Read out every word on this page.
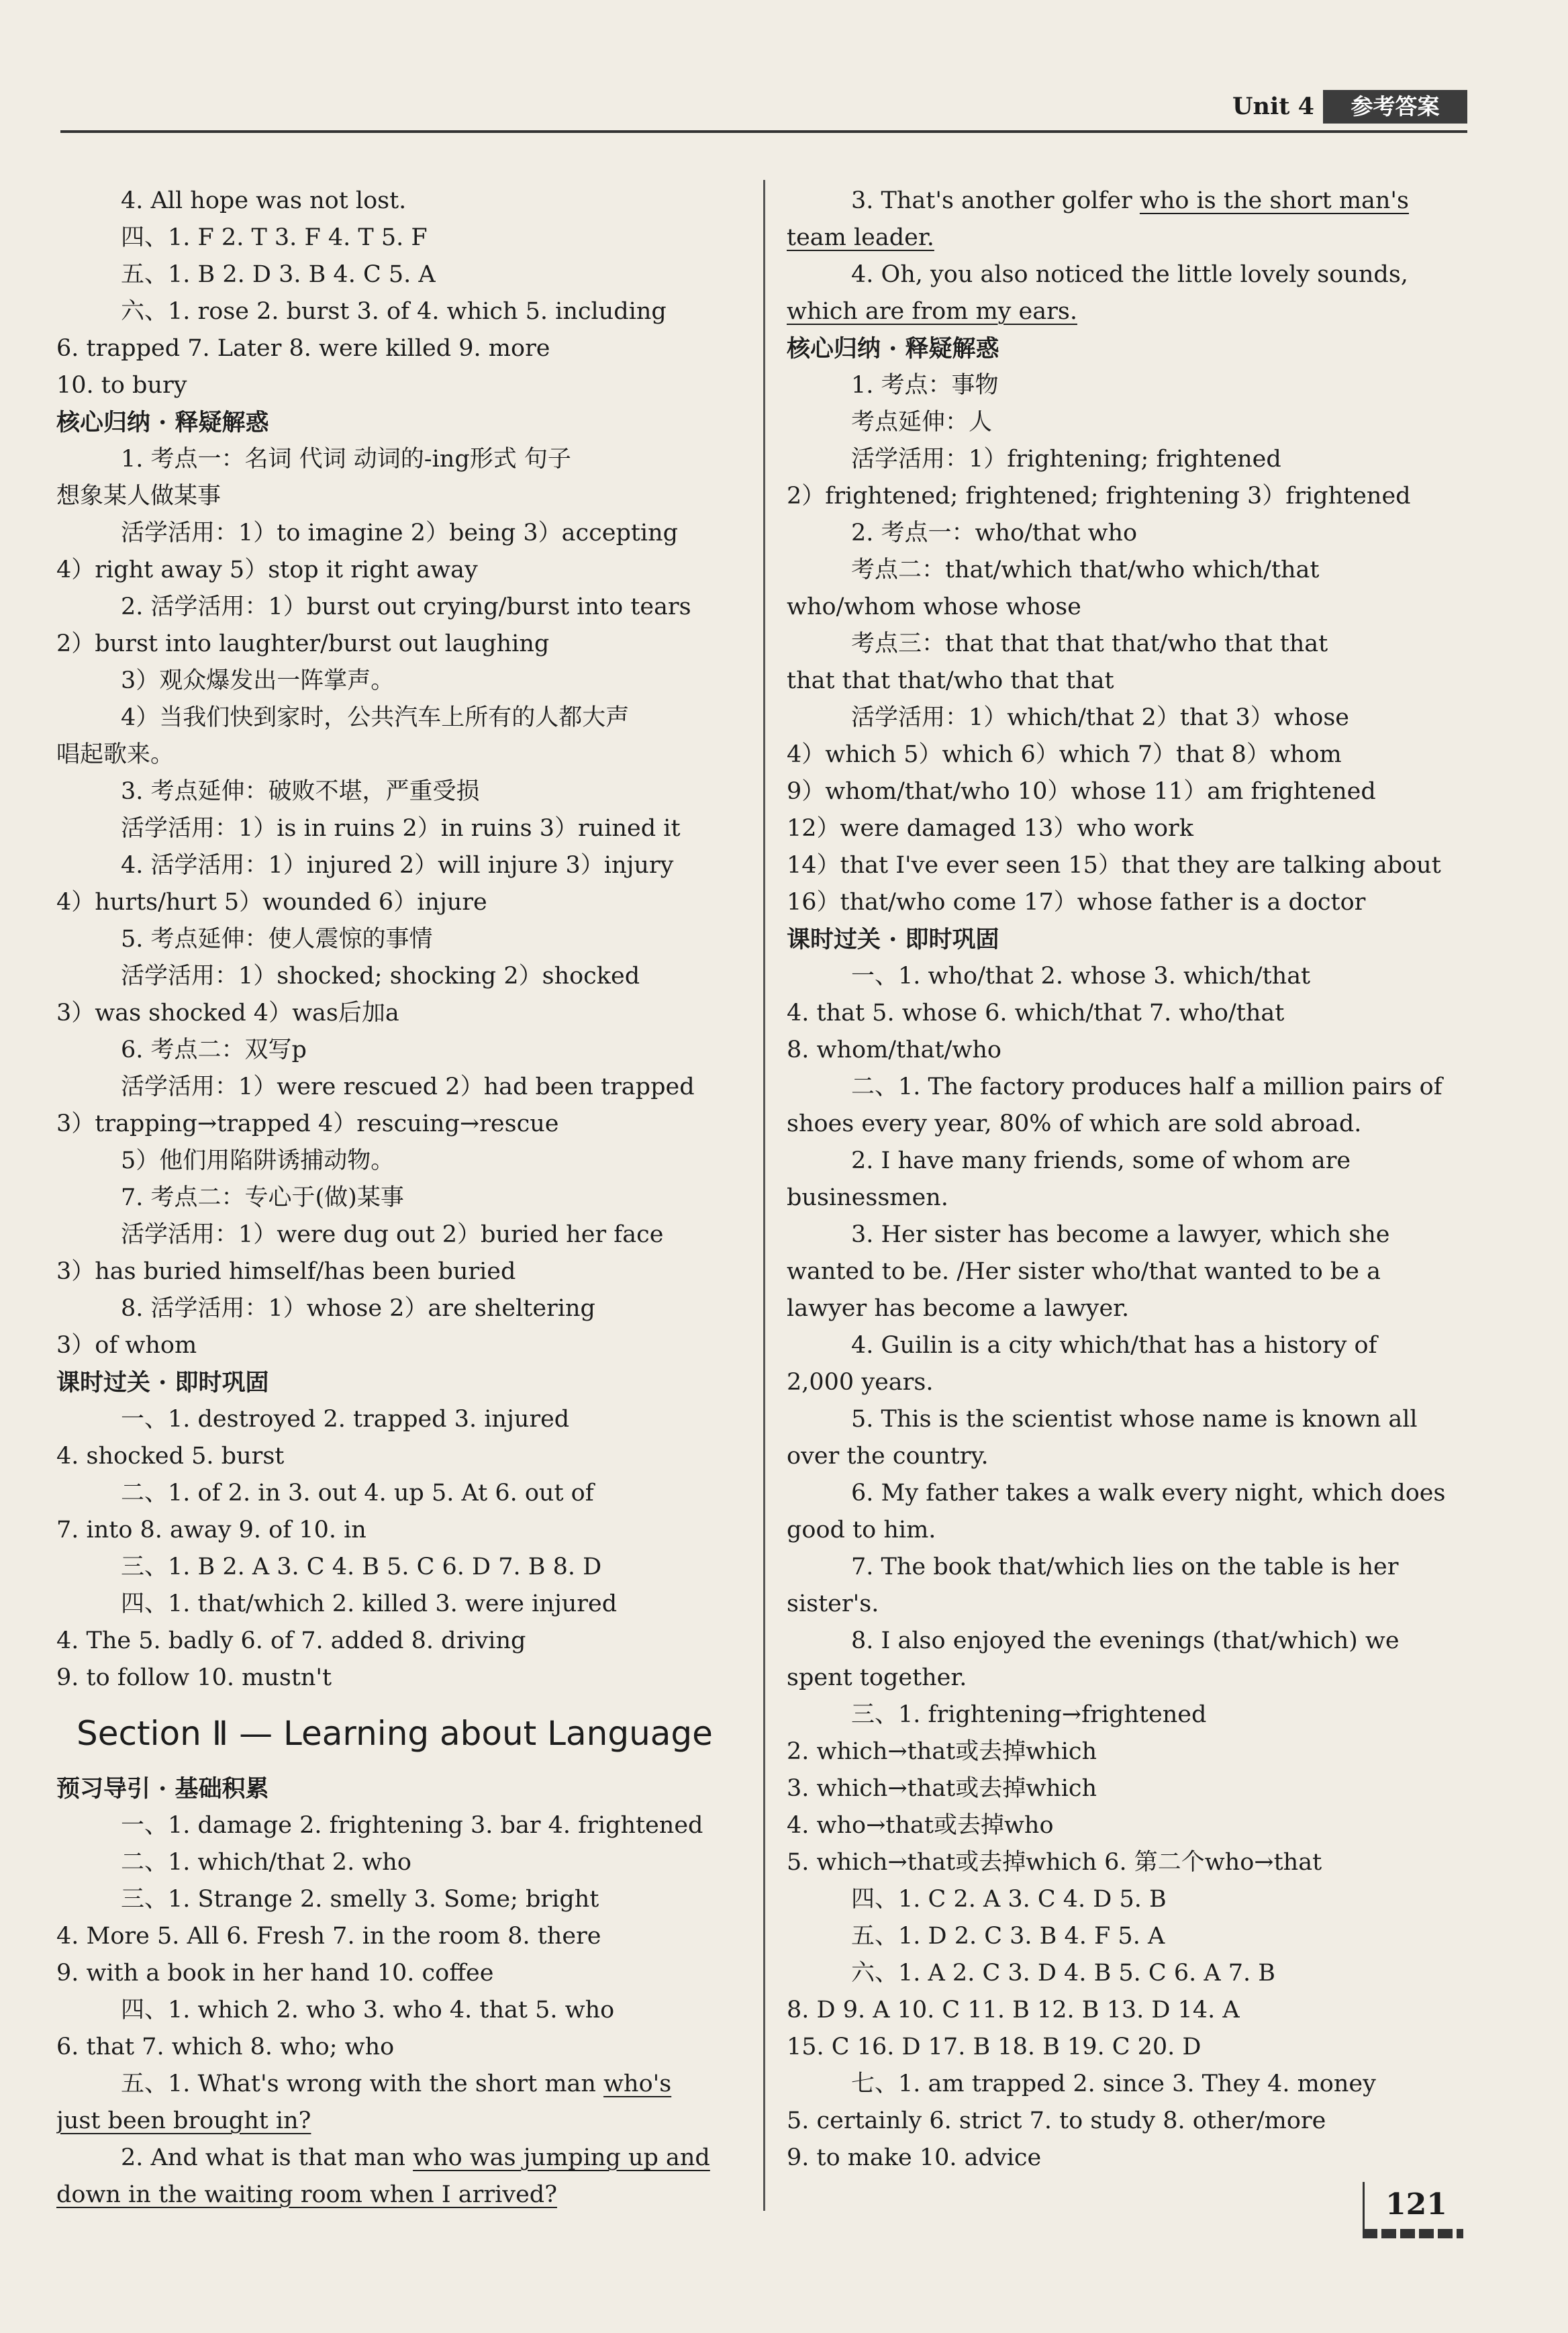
Unit 4	参考答案
4. All hope was not lost.
四、1. F 2. T 3. F 4. T 5. F
五、1. B 2. D 3. B 4. C 5. A
六、1. rose 2. burst 3. of 4. which 5. including
6. trapped 7. Later 8. were killed 9. more
10. to bury
核心归纳 · 释疑解惑
1. 考点一：名词 代词 动词的-ing形式 句子
想象某人做某事
活学活用：1）to imagine 2）being 3）accepting
4）right away 5）stop it right away
2. 活学活用：1）burst out crying/burst into tears
2）burst into laughter/burst out laughing
3）观众爆发出一阵掌声。
4）当我们快到家时，公共汽车上所有的人都大声
唱起歌来。
3. 考点延伸：破败不堪，严重受损
活学活用：1）is in ruins 2）in ruins 3）ruined it
4. 活学活用：1）injured 2）will injure 3）injury
4）hurts/hurt 5）wounded 6）injure
5. 考点延伸：使人震惊的事情
活学活用：1）shocked; shocking 2）shocked
3）was shocked 4）was后加a
6. 考点二：双写p
活学活用：1）were rescued 2）had been trapped
3）trapping→trapped 4）rescuing→rescue
5）他们用陷阱诱捕动物。
7. 考点二：专心于(做)某事
活学活用：1）were dug out 2）buried her face
3）has buried himself/has been buried
8. 活学活用：1）whose 2）are sheltering
3）of whom
课时过关 · 即时巩固
一、1. destroyed 2. trapped 3. injured
4. shocked 5. burst
二、1. of 2. in 3. out 4. up 5. At 6. out of
7. into 8. away 9. of 10. in
三、1. B 2. A 3. C 4. B 5. C 6. D 7. B 8. D
四、1. that/which 2. killed 3. were injured
4. The 5. badly 6. of 7. added 8. driving
9. to follow 10. mustn't
Section Ⅱ — Learning about Language
预习导引 · 基础积累
一、1. damage 2. frightening 3. bar 4. frightened
二、1. which/that 2. who
三、1. Strange 2. smelly 3. Some; bright
4. More 5. All 6. Fresh 7. in the room 8. there
9. with a book in her hand 10. coffee
四、1. which 2. who 3. who 4. that 5. who
6. that 7. which 8. who; who
五、1. What's wrong with the short man who's
just been brought in?
2. And what is that man who was jumping up and
down in the waiting room when I arrived?
3. That's another golfer who is the short man's
team leader.
4. Oh, you also noticed the little lovely sounds,
which are from my ears.
核心归纳 · 释疑解惑
1. 考点：事物
考点延伸：人
活学活用：1）frightening; frightened
2）frightened; frightened; frightening 3）frightened
2. 考点一：who/that who
考点二：that/which that/who which/that
who/whom whose whose
考点三：that that that that/who that that
that that that/who that that
活学活用：1）which/that 2）that 3）whose
4）which 5）which 6）which 7）that 8）whom
9）whom/that/who 10）whose 11）am frightened
12）were damaged 13）who work
14）that I've ever seen 15）that they are talking about
16）that/who come 17）whose father is a doctor
课时过关 · 即时巩固
一、1. who/that 2. whose 3. which/that
4. that 5. whose 6. which/that 7. who/that
8. whom/that/who
二、1. The factory produces half a million pairs of
shoes every year, 80% of which are sold abroad.
2. I have many friends, some of whom are
businessmen.
3. Her sister has become a lawyer, which she
wanted to be. /Her sister who/that wanted to be a
lawyer has become a lawyer.
4. Guilin is a city which/that has a history of
2,000 years.
5. This is the scientist whose name is known all
over the country.
6. My father takes a walk every night, which does
good to him.
7. The book that/which lies on the table is her
sister's.
8. I also enjoyed the evenings (that/which) we
spent together.
三、1. frightening→frightened
2. which→that或去掉which
3. which→that或去掉which
4. who→that或去掉who
5. which→that或去掉which 6. 第二个who→that
四、1. C 2. A 3. C 4. D 5. B
五、1. D 2. C 3. B 4. F 5. A
六、1. A 2. C 3. D 4. B 5. C 6. A 7. B
8. D 9. A 10. C 11. B 12. B 13. D 14. A
15. C 16. D 17. B 18. B 19. C 20. D
七、1. am trapped 2. since 3. They 4. money
5. certainly 6. strict 7. to study 8. other/more
9. to make 10. advice
121
